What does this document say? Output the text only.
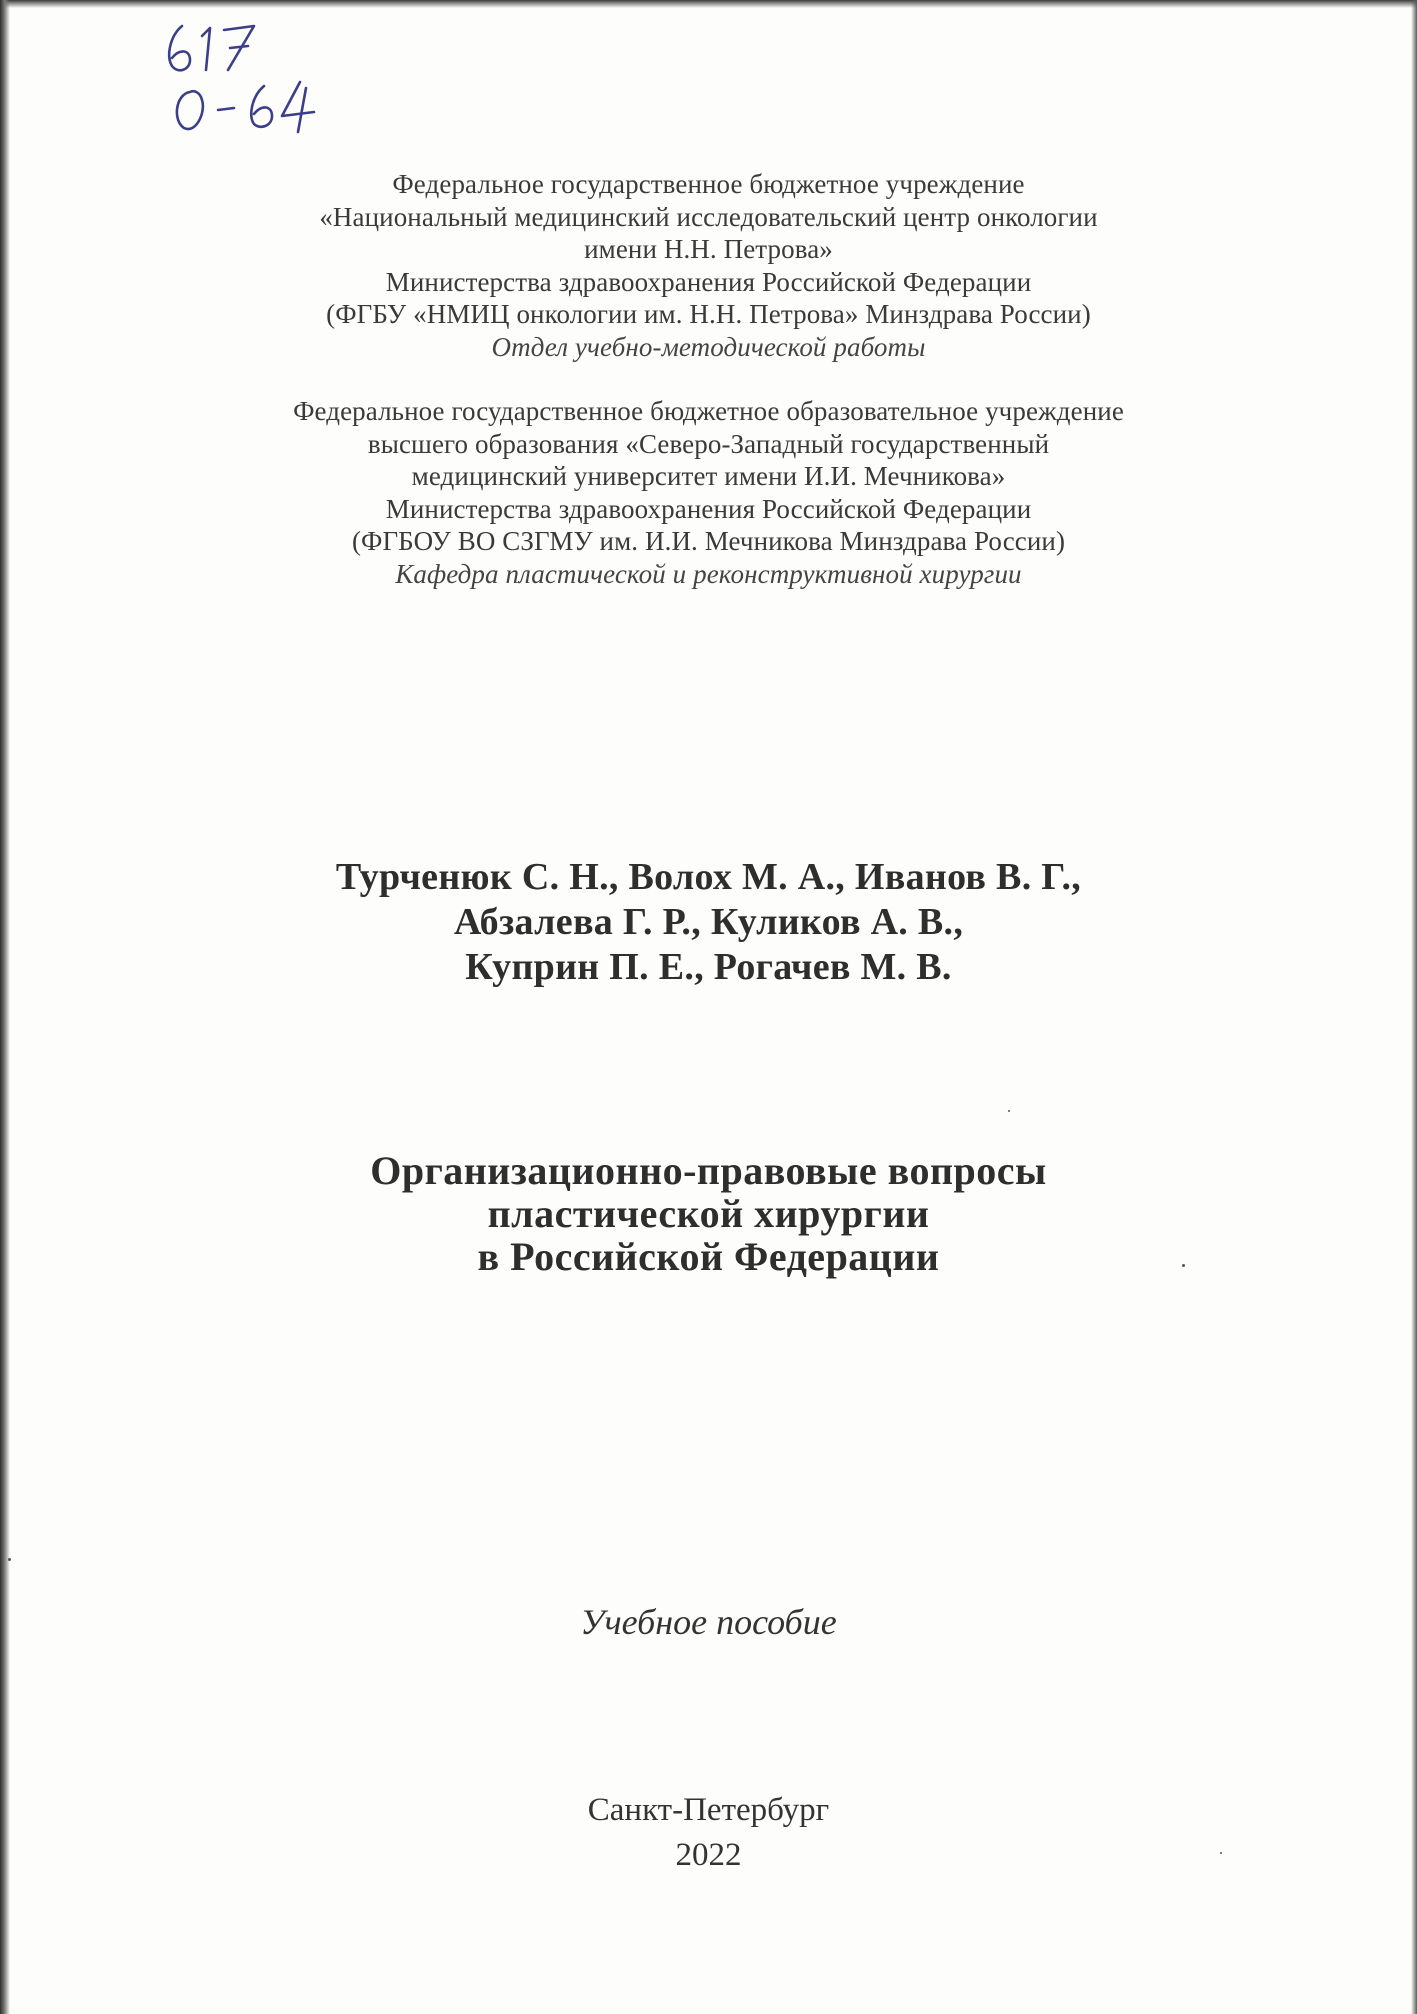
Федеральное государственное бюджетное учреждение
«Национальный медицинский исследовательский центр онкологии
имени Н.Н. Петрова»
Министерства здравоохранения Российской Федерации
(ФГБУ «НМИЦ онкологии им. Н.Н. Петрова» Минздрава России)
Отдел учебно-методической работы
Федеральное государственное бюджетное образовательное учреждение
высшего образования «Северо-Западный государственный
медицинский университет имени И.И. Мечникова»
Министерства здравоохранения Российской Федерации
(ФГБОУ ВО СЗГМУ им. И.И. Мечникова Минздрава России)
Кафедра пластической и реконструктивной хирургии
Турченюк С. Н., Волох М. А., Иванов В. Г.,
Абзалева Г. Р., Куликов А. В.,
Куприн П. Е., Рогачев М. В.
Организационно-правовые вопросы
пластической хирургии
в Российской Федерации
Учебное пособие
Санкт-Петербург
2022
